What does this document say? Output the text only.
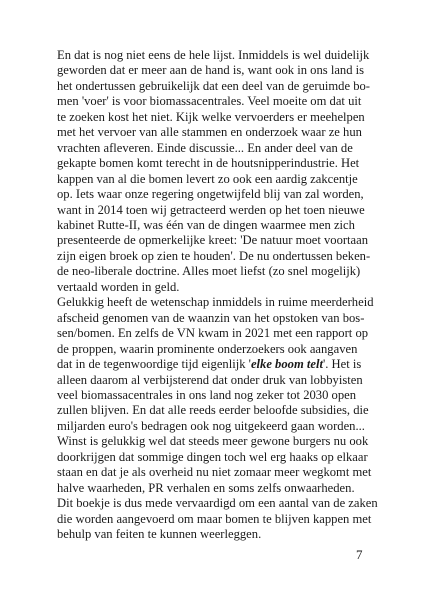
En dat is nog niet eens de hele lijst. Inmiddels is wel duidelijk
geworden dat er meer aan de hand is, want ook in ons land is
het ondertussen gebruikelijk dat een deel van de geruimde bo-
men 'voer' is voor biomassacentrales. Veel moeite om dat uit
te zoeken kost het niet. Kijk welke vervoerders er meehelpen
met het vervoer van alle stammen en onderzoek waar ze hun
vrachten afleveren. Einde discussie... En ander deel van de
gekapte bomen komt terecht in de houtsnipperindustrie. Het
kappen van al die bomen levert zo ook een aardig zakcentje
op. Iets waar onze regering ongetwijfeld blij van zal worden,
want in 2014 toen wij getracteerd werden op het toen nieuwe
kabinet Rutte-II, was één van de dingen waarmee men zich
presenteerde de opmerkelijke kreet: 'De natuur moet voortaan
zijn eigen broek op zien te houden'. De nu ondertussen beken-
de neo-liberale doctrine. Alles moet liefst (zo snel mogelijk)
vertaald worden in geld.
Gelukkig heeft de wetenschap inmiddels in ruime meerderheid
afscheid genomen van de waanzin van het opstoken van bos-
sen/bomen. En zelfs de VN kwam in 2021 met een rapport op
de proppen, waarin prominente onderzoekers ook aangaven
dat in de tegenwoordige tijd eigenlijk 'elke boom telt'. Het is
alleen daarom al verbijsterend dat onder druk van lobbyisten
veel biomassacentrales in ons land nog zeker tot 2030 open
zullen blijven. En dat alle reeds eerder beloofde subsidies, die
miljarden euro's bedragen ook nog uitgekeerd gaan worden...
Winst is gelukkig wel dat steeds meer gewone burgers nu ook
doorkrijgen dat sommige dingen toch wel erg haaks op elkaar
staan en dat je als overheid nu niet zomaar meer wegkomt met
halve waarheden, PR verhalen en soms zelfs onwaarheden.
Dit boekje is dus mede vervaardigd om een aantal van de zaken
die worden aangevoerd om maar bomen te blijven kappen met
behulp van feiten te kunnen weerleggen.
7
